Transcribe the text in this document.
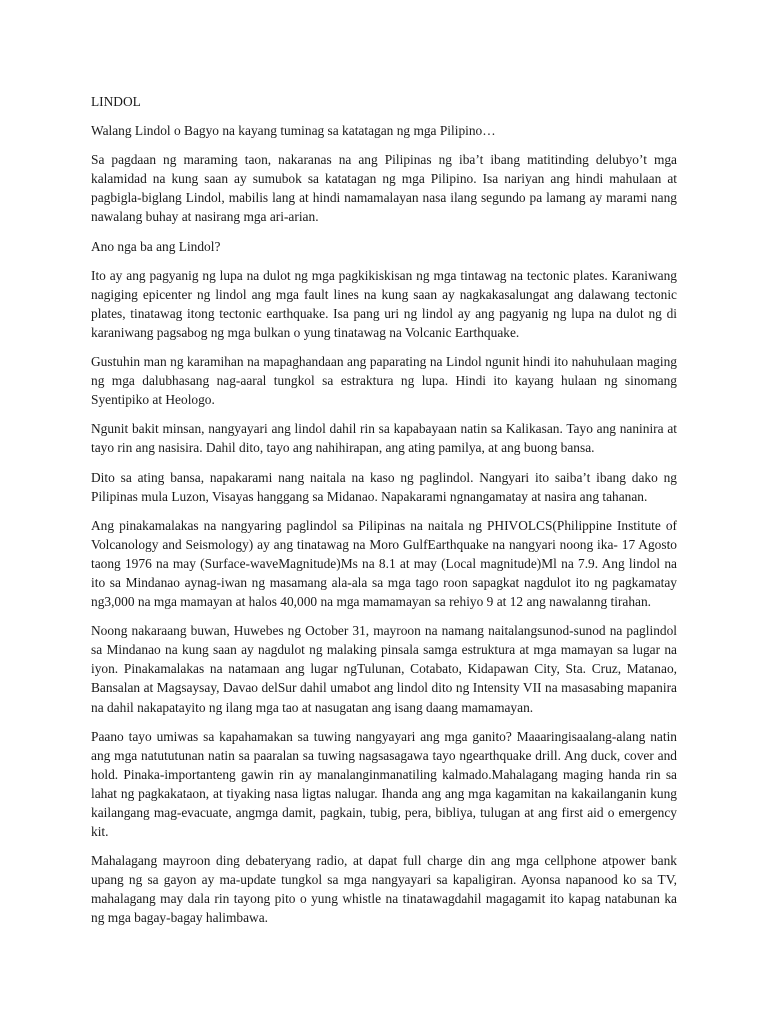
LINDOL

Walang Lindol o Bagyo na kayang tuminag sa katatagan ng mga Pilipino…

Sa pagdaan ng maraming taon, nakaranas na ang Pilipinas ng iba’t ibang matitinding delubyo’t mga kalamidad na kung saan ay sumubok sa katatagan ng mga Pilipino. Isa nariyan ang hindi mahulaan at pagbigla-biglang Lindol, mabilis lang at hindi namamalayan nasa ilang segundo pa lamang ay marami nang nawalang buhay at nasirang mga ari-arian.

Ano nga ba ang Lindol?

Ito ay ang pagyanig ng lupa na dulot ng mga pagkikiskisan ng mga tintawag na tectonic plates. Karaniwang nagiging epicenter ng lindol ang mga fault lines na kung saan ay nagkakasalungat ang dalawang tectonic plates, tinatawag itong tectonic earthquake. Isa pang uri ng lindol ay ang pagyanig ng lupa na dulot ng di karaniwang pagsabog ng mga bulkan o yung tinatawag na Volcanic Earthquake.

Gustuhin man ng karamihan na mapaghandaan ang paparating na Lindol ngunit hindi ito nahuhulaan maging ng mga dalubhasang nag-aaral tungkol sa estraktura ng lupa. Hindi ito kayang hulaan ng sinomang Syentipiko at Heologo.

Ngunit bakit minsan, nangyayari ang lindol dahil rin sa kapabayaan natin sa Kalikasan. Tayo ang naninira at tayo rin ang nasisira. Dahil dito, tayo ang nahihirapan, ang ating pamilya, at ang buong bansa.

Dito sa ating bansa, napakarami nang naitala na kaso ng paglindol. Nangyari ito saiba’t ibang dako ng Pilipinas mula Luzon, Visayas hanggang sa Midanao. Napakarami ngnangamatay at nasira ang tahanan.

Ang pinakamalakas na nangyaring paglindol sa Pilipinas na naitala ng PHIVOLCS(Philippine Institute of Volcanology and Seismology) ay ang tinatawag na Moro GulfEarthquake na nangyari noong ika- 17 Agosto taong 1976 na may (Surface-waveMagnitude)Ms na 8.1 at may (Local magnitude)Ml na 7.9. Ang lindol na ito sa Mindanao aynag-iwan ng masamang ala-ala sa mga tago roon sapagkat nagdulot ito ng pagkamatay ng3,000 na mga mamayan at halos 40,000 na mga mamamayan sa rehiyo 9 at 12 ang nawalanng tirahan.

Noong nakaraang buwan, Huwebes ng October 31, mayroon na namang naitalangsunod-sunod na paglindol sa Mindanao na kung saan ay nagdulot ng malaking pinsala samga estruktura at mga mamayan sa lugar na iyon. Pinakamalakas na natamaan ang lugar ngTulunan, Cotabato, Kidapawan City, Sta. Cruz, Matanao, Bansalan at Magsaysay, Davao delSur dahil umabot ang lindol dito ng Intensity VII na masasabing mapanira na dahil nakapatayito ng ilang mga tao at nasugatan ang isang daang mamamayan.

Paano tayo umiwas sa kapahamakan sa tuwing nangyayari ang mga ganito? Maaaringisaalang-alang natin ang mga natututunan natin sa paaralan sa tuwing nagsasagawa tayo ngearthquake drill. Ang duck, cover and hold. Pinaka-importanteng gawin rin ay manalanginmanatiling kalmado.Mahalagang maging handa rin sa lahat ng pagkakataon, at tiyaking nasa ligtas nalugar. Ihanda ang ang mga kagamitan na kakailanganin kung kailangang mag-evacuate, angmga damit, pagkain, tubig, pera, bibliya, tulugan at ang first aid o emergency kit.

Mahalagang mayroon ding debateryang radio, at dapat full charge din ang mga cellphone atpower bank upang ng sa gayon ay ma-update tungkol sa mga nangyayari sa kapaligiran. Ayonsa napanood ko sa TV, mahalagang may dala rin tayong pito o yung whistle na tinatawagdahil magagamit ito kapag natabunan ka ng mga bagay-bagay halimbawa.
